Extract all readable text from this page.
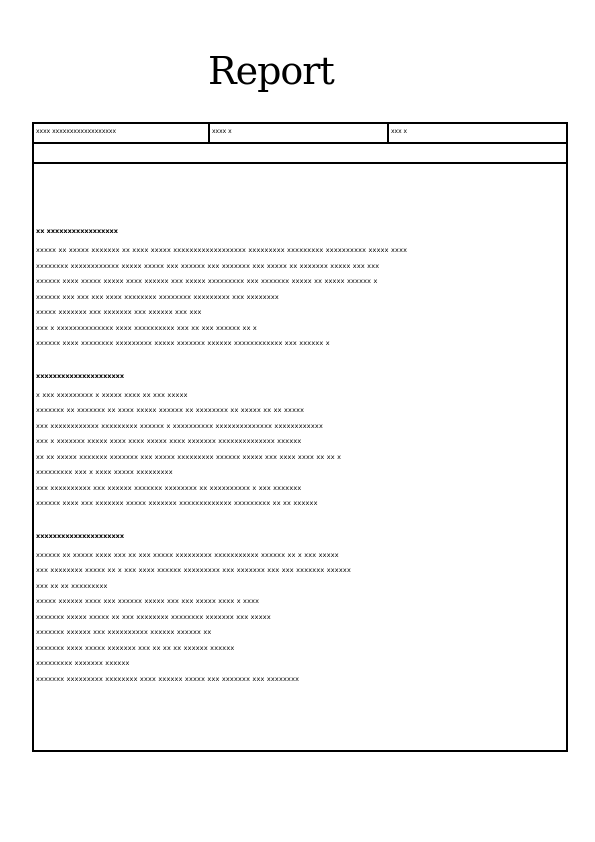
Report
xxxx xxxxxxxxxxxxxxxxxx	xxxx x	xxx x
xx xxxxxxxxxxxxxxxxx
xxxxx xx xxxxx xxxxxxx xx xxxx xxxxx xxxxxxxxxxxxxxxxxx xxxxxxxxx xxxxxxxxx xxxxxxxxxx xxxxx xxxx
xxxxxxxx xxxxxxxxxxxx xxxxx xxxxx xxx xxxxxx xxx xxxxxxx xxx xxxxx xx xxxxxxx xxxxx xxx xxx
xxxxxx xxxx xxxxx xxxxx xxxx xxxxxx xxx xxxxx xxxxxxxxx xxx xxxxxxx xxxxx xx xxxxx xxxxxx x
xxxxxx xxx xxx xxx xxxx xxxxxxxx xxxxxxxx xxxxxxxxx xxx xxxxxxxx
xxxxx xxxxxxx xxx xxxxxxx xxx xxxxxx xxx xxx
xxx x xxxxxxxxxxxxxx xxxx xxxxxxxxxx xxx xx xxx xxxxxx xx x
xxxxxx xxxx xxxxxxxx xxxxxxxxx xxxxx xxxxxxx xxxxxx xxxxxxxxxxxx xxx xxxxxx x
xxxxxxxxxxxxxxxxxxxxx
x xxx xxxxxxxxx x xxxxx xxxx xx xxx xxxxx
xxxxxxx xx xxxxxxx xx xxxx xxxxx xxxxxx xx xxxxxxxx xx xxxxx xx xx xxxxx
xxx xxxxxxxxxxxx xxxxxxxxx xxxxxx x xxxxxxxxxx xxxxxxxxxxxxxx xxxxxxxxxxxx
xxx x xxxxxxx xxxxx xxxx xxxx xxxxx xxxx xxxxxxx xxxxxxxxxxxxxx xxxxxx
xx xx xxxxx xxxxxxx xxxxxxx xxx xxxxx xxxxxxxxx xxxxxx xxxxx xxx xxxx xxxx xx xx x
xxxxxxxxx xxx x xxxx xxxxx xxxxxxxxx
xxx xxxxxxxxxx xxx xxxxxx xxxxxxx xxxxxxxx xx xxxxxxxxxx x xxx xxxxxxx
xxxxxx xxxx xxx xxxxxxx xxxxx xxxxxxx xxxxxxxxxxxxx xxxxxxxxx xx xx xxxxxx
xxxxxxxxxxxxxxxxxxxxx
xxxxxx xx xxxxx xxxx xxx xx xxx xxxxx xxxxxxxxx xxxxxxxxxxx xxxxxx xx x xxx xxxxx
xxx xxxxxxxx xxxxx xx x xxx xxxx xxxxxx xxxxxxxxx xxx xxxxxxx xxx xxx xxxxxxx xxxxxx
xxx xx xx xxxxxxxxx
xxxxx xxxxxx xxxx xxx xxxxxx xxxxx xxx xxx xxxxx xxxx x xxxx
xxxxxxx xxxxx xxxxx xx xxx xxxxxxxx xxxxxxxx xxxxxxx xxx xxxxx
xxxxxxx xxxxxx xxx xxxxxxxxxx xxxxxx xxxxxx xx
xxxxxxx xxxx xxxxx xxxxxxx xxx xx xx xx xxxxxx xxxxxx
xxxxxxxxx xxxxxxx xxxxxx
xxxxxxx xxxxxxxxx xxxxxxxx xxxx xxxxxx xxxxx xxx xxxxxxx xxx xxxxxxxx
